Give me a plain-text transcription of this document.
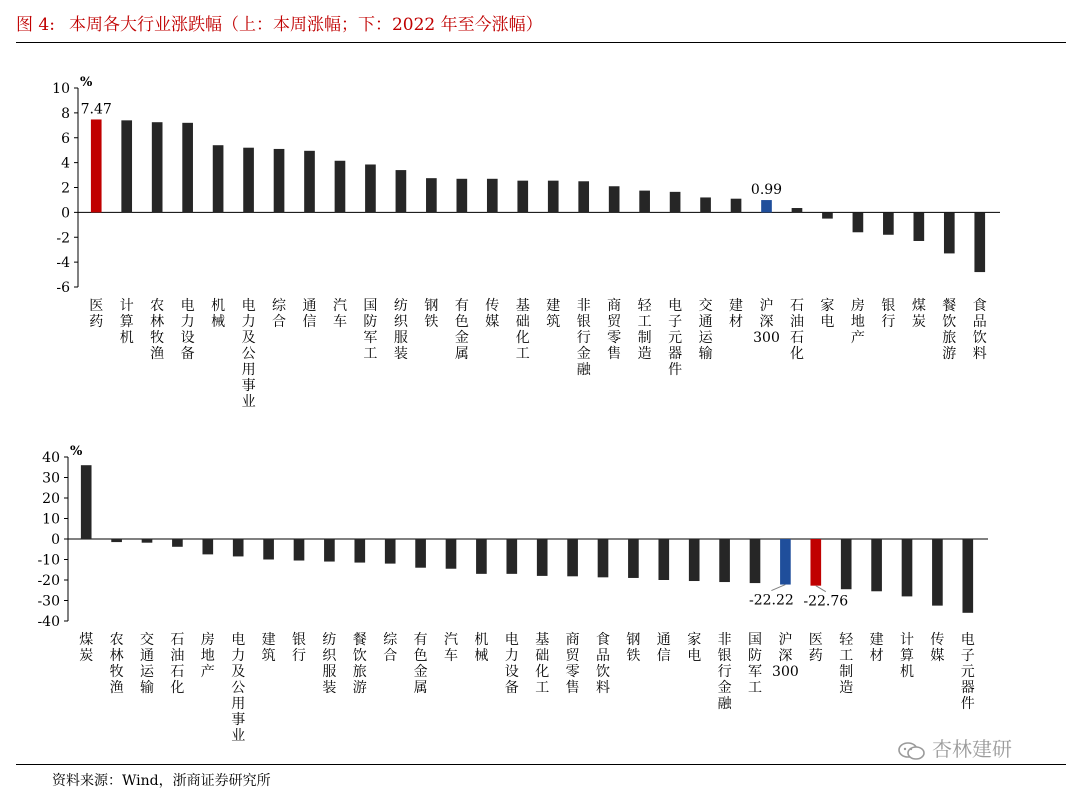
图 4: 本周各大行业涨跌幅（上：本周涨幅；下：2022 年至今涨幅）
10
8
6
4
2
0
-2
-4
-6
%
医药
计算机
农林牧渔
电力设备
机械
电力及公用事业
综合
通信
汽车
国防军工
纺织服装
钢铁
有色金属
传媒
基础化工
建筑
非银行金融
商贸零售
轻工制造
电子元器件
交通运输
建材
沪深 300
石油石化
家电
房地产
银行
煤炭
餐饮旅游
食品饮料
7.47
0.99
40
30
20
10
0
-10
-20
-30
-40
%
煤炭
农林牧渔
交通运输
石油石化
房地产
电力及公用事业
建筑
银行
纺织服装
餐饮旅游
综合
有色金属
汽车
机械
电力设备
基础化工
商贸零售
食品饮料
钢铁
通信
家电
非银行金融
国防军工
沪深 300
医药
轻工制造
建材
计算机
传媒
电子元器件
-22.22 -22.76
杏林建研
资料来源：Wind，浙商证券研究所
